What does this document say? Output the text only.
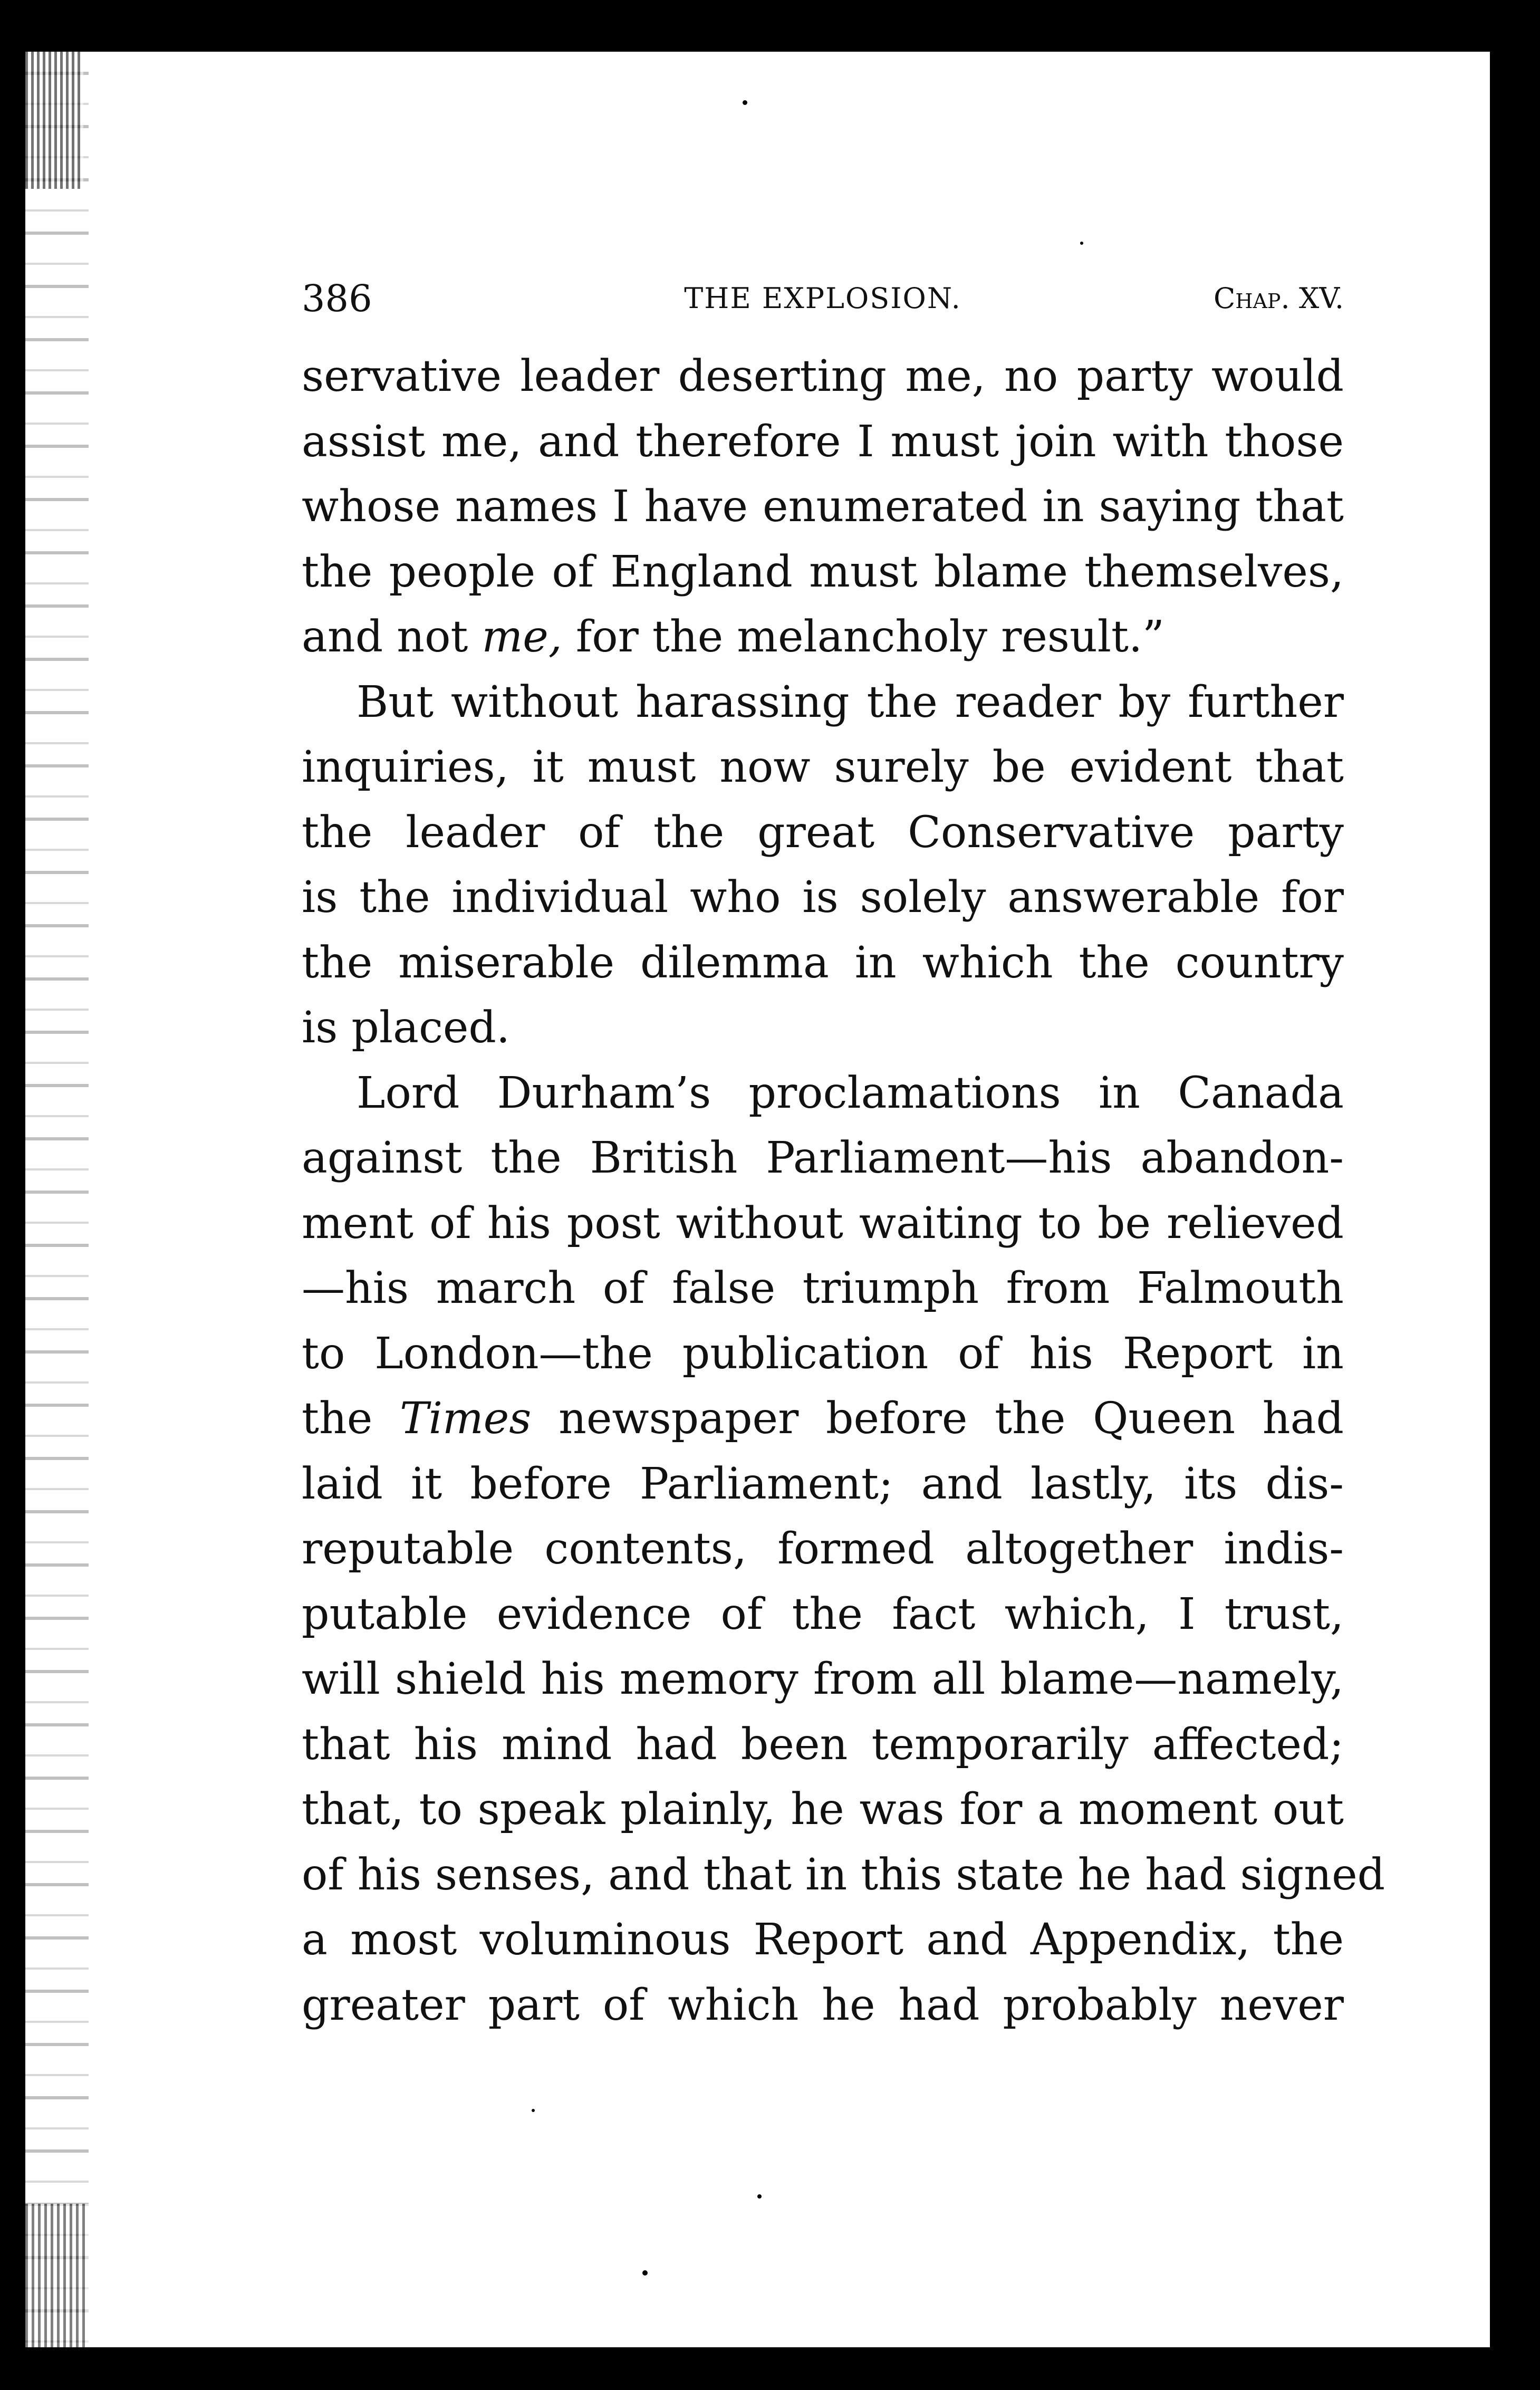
386	THE EXPLOSION.	Chap. XV.
servative leader deserting me, no party would
assist me, and therefore I must join with those
whose names I have enumerated in saying that
the people of England must blame themselves,
and not me, for the melancholy result.”
But without harassing the reader by further
inquiries, it must now surely be evident that
the leader of the great Conservative party
is the individual who is solely answerable for
the miserable dilemma in which the country
is placed.
Lord Durham’s proclamations in Canada
against the British Parliament—his abandon-
ment of his post without waiting to be relieved
—his march of false triumph from Falmouth
to London—the publication of his Report in
the Times newspaper before the Queen had
laid it before Parliament; and lastly, its dis-
reputable contents, formed altogether indis-
putable evidence of the fact which, I trust,
will shield his memory from all blame—namely,
that his mind had been temporarily affected;
that, to speak plainly, he was for a moment out
of his senses, and that in this state he had signed
a most voluminous Report and Appendix, the
greater part of which he had probably never
